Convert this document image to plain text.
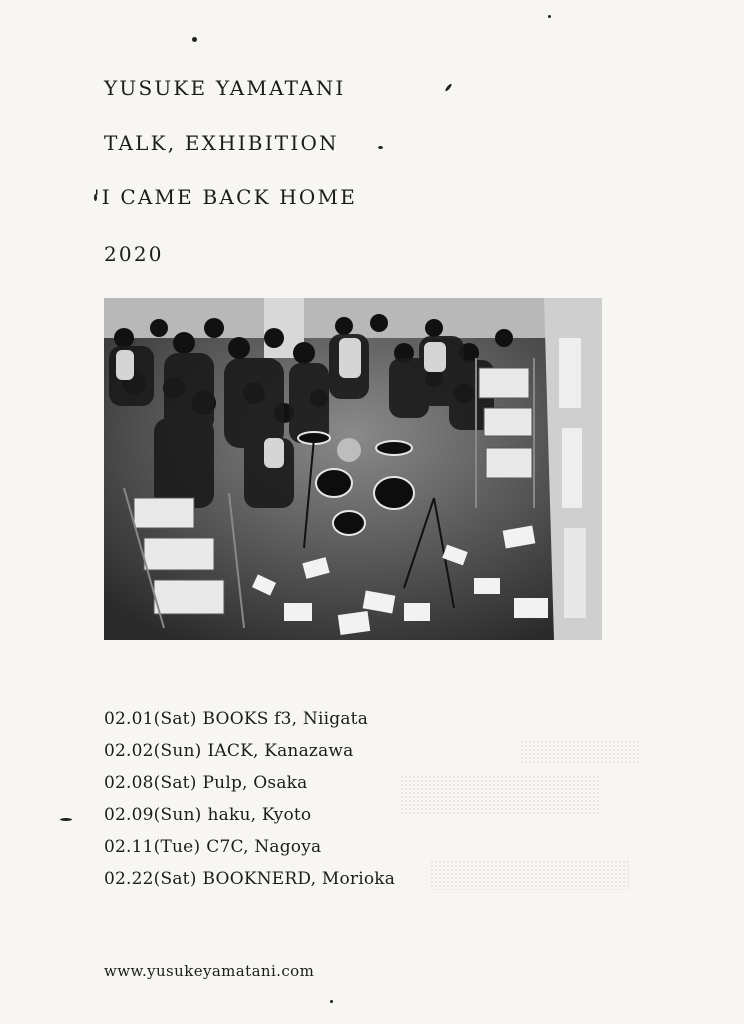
YUSUKE YAMATANI
TALK, EXHIBITION
'I CAME BACK HOME
2020
02.01(Sat) BOOKS f3, Niigata
02.02(Sun) IACK, Kanazawa
02.08(Sat) Pulp, Osaka
02.09(Sun) haku, Kyoto
02.11(Tue) C7C, Nagoya
02.22(Sat) BOOKNERD, Morioka
www.yusukeyamatani.com
